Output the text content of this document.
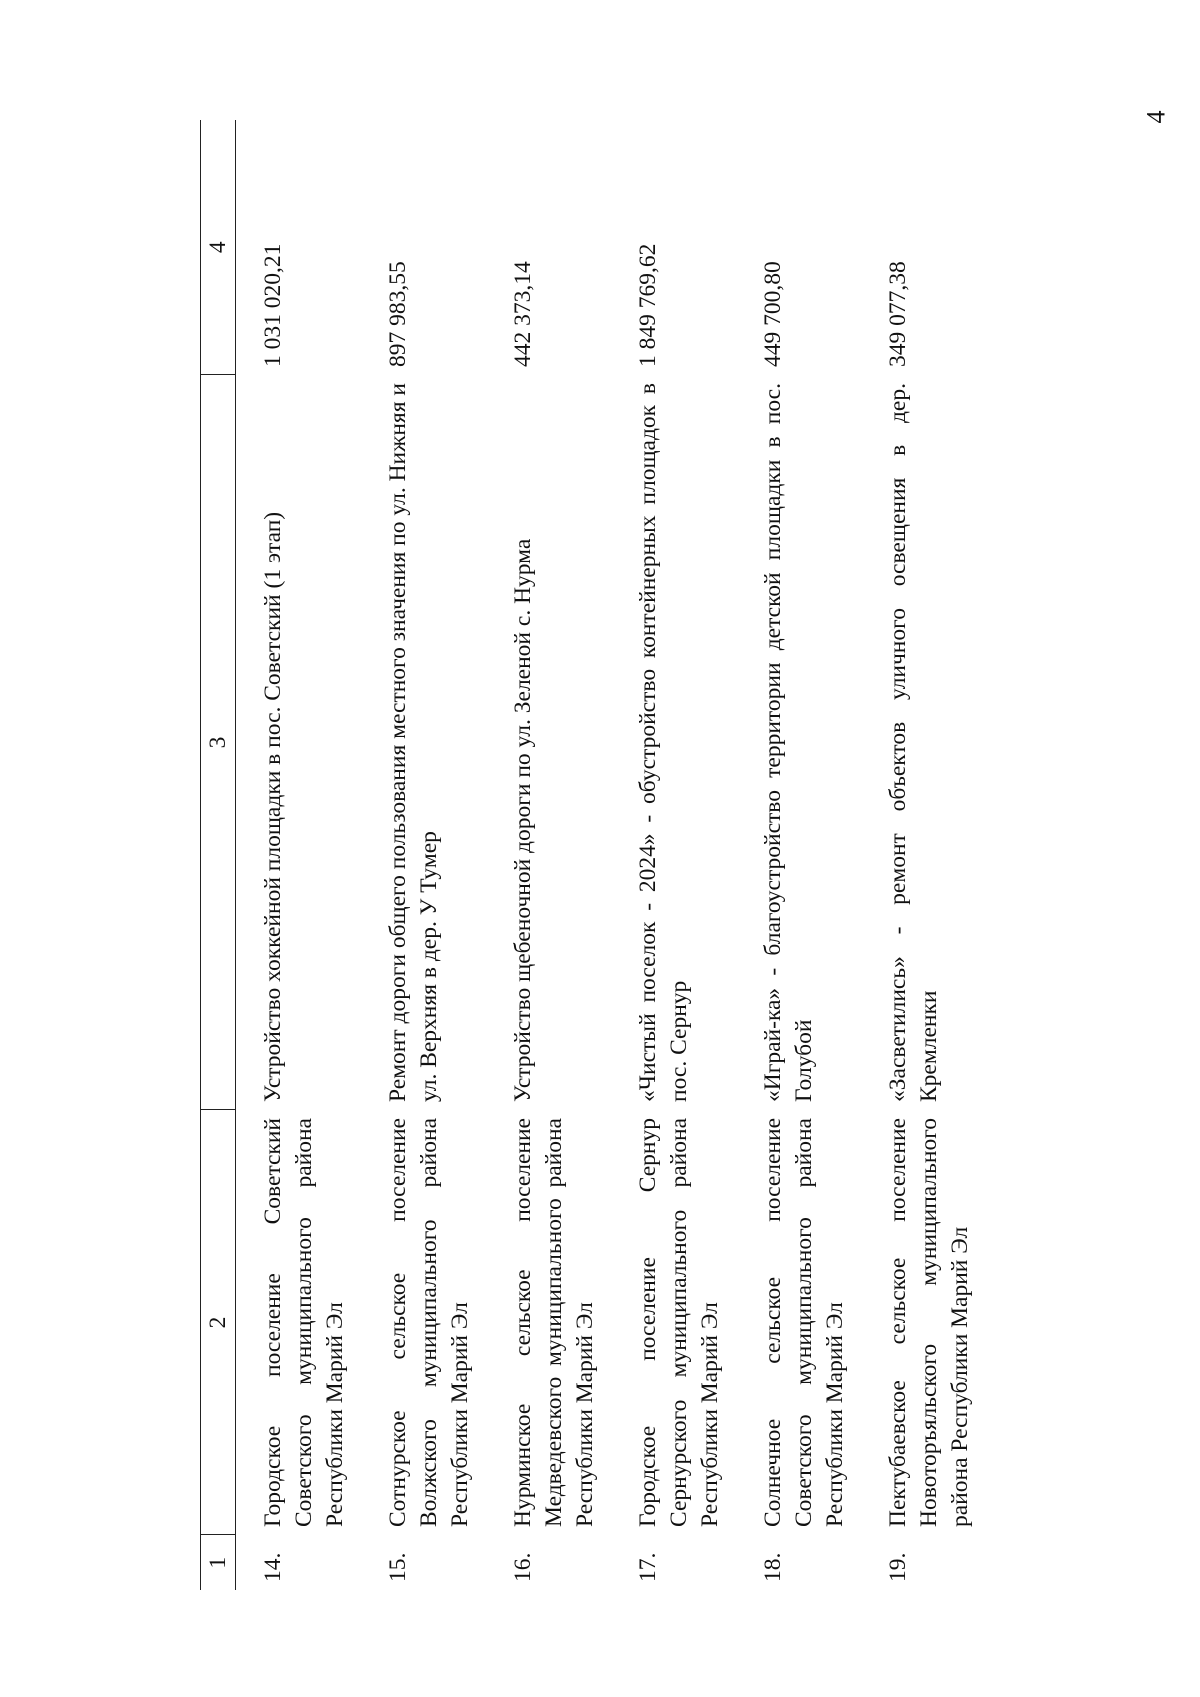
4
1	2	3	4
14.	Городское поселение Советский Советского муниципального района Республики Марий Эл	Устройство хоккейной площадки в пос. Советский (1 этап)	1 031 020,21
15.	Сотнурское сельское поселение Волжского муниципального района Республики Марий Эл	Ремонт дороги общего пользования местного значения по ул. Нижняя и ул. Верхняя в дер. У Тумер	897 983,55
16.	Нурминское сельское поселение Медведевского муниципального района Республики Марий Эл	Устройство щебеночной дороги по ул. Зеленой с. Нурма	442 373,14
17.	Городское поселение Сернур Сернурского муниципального района Республики Марий Эл	«Чистый поселок - 2024» - обустройство контейнерных площадок в пос. Сернур	1 849 769,62
18.	Солнечное сельское поселение Советского муниципального района Республики Марий Эл	«Играй-ка» - благоустройство территории детской площадки в пос. Голубой	449 700,80
19.	Пектубаевское сельское поселение Новоторъяльского муниципального района Республики Марий Эл	«Засветились» - ремонт объектов уличного освещения в дер. Кремленки	349 077,38
